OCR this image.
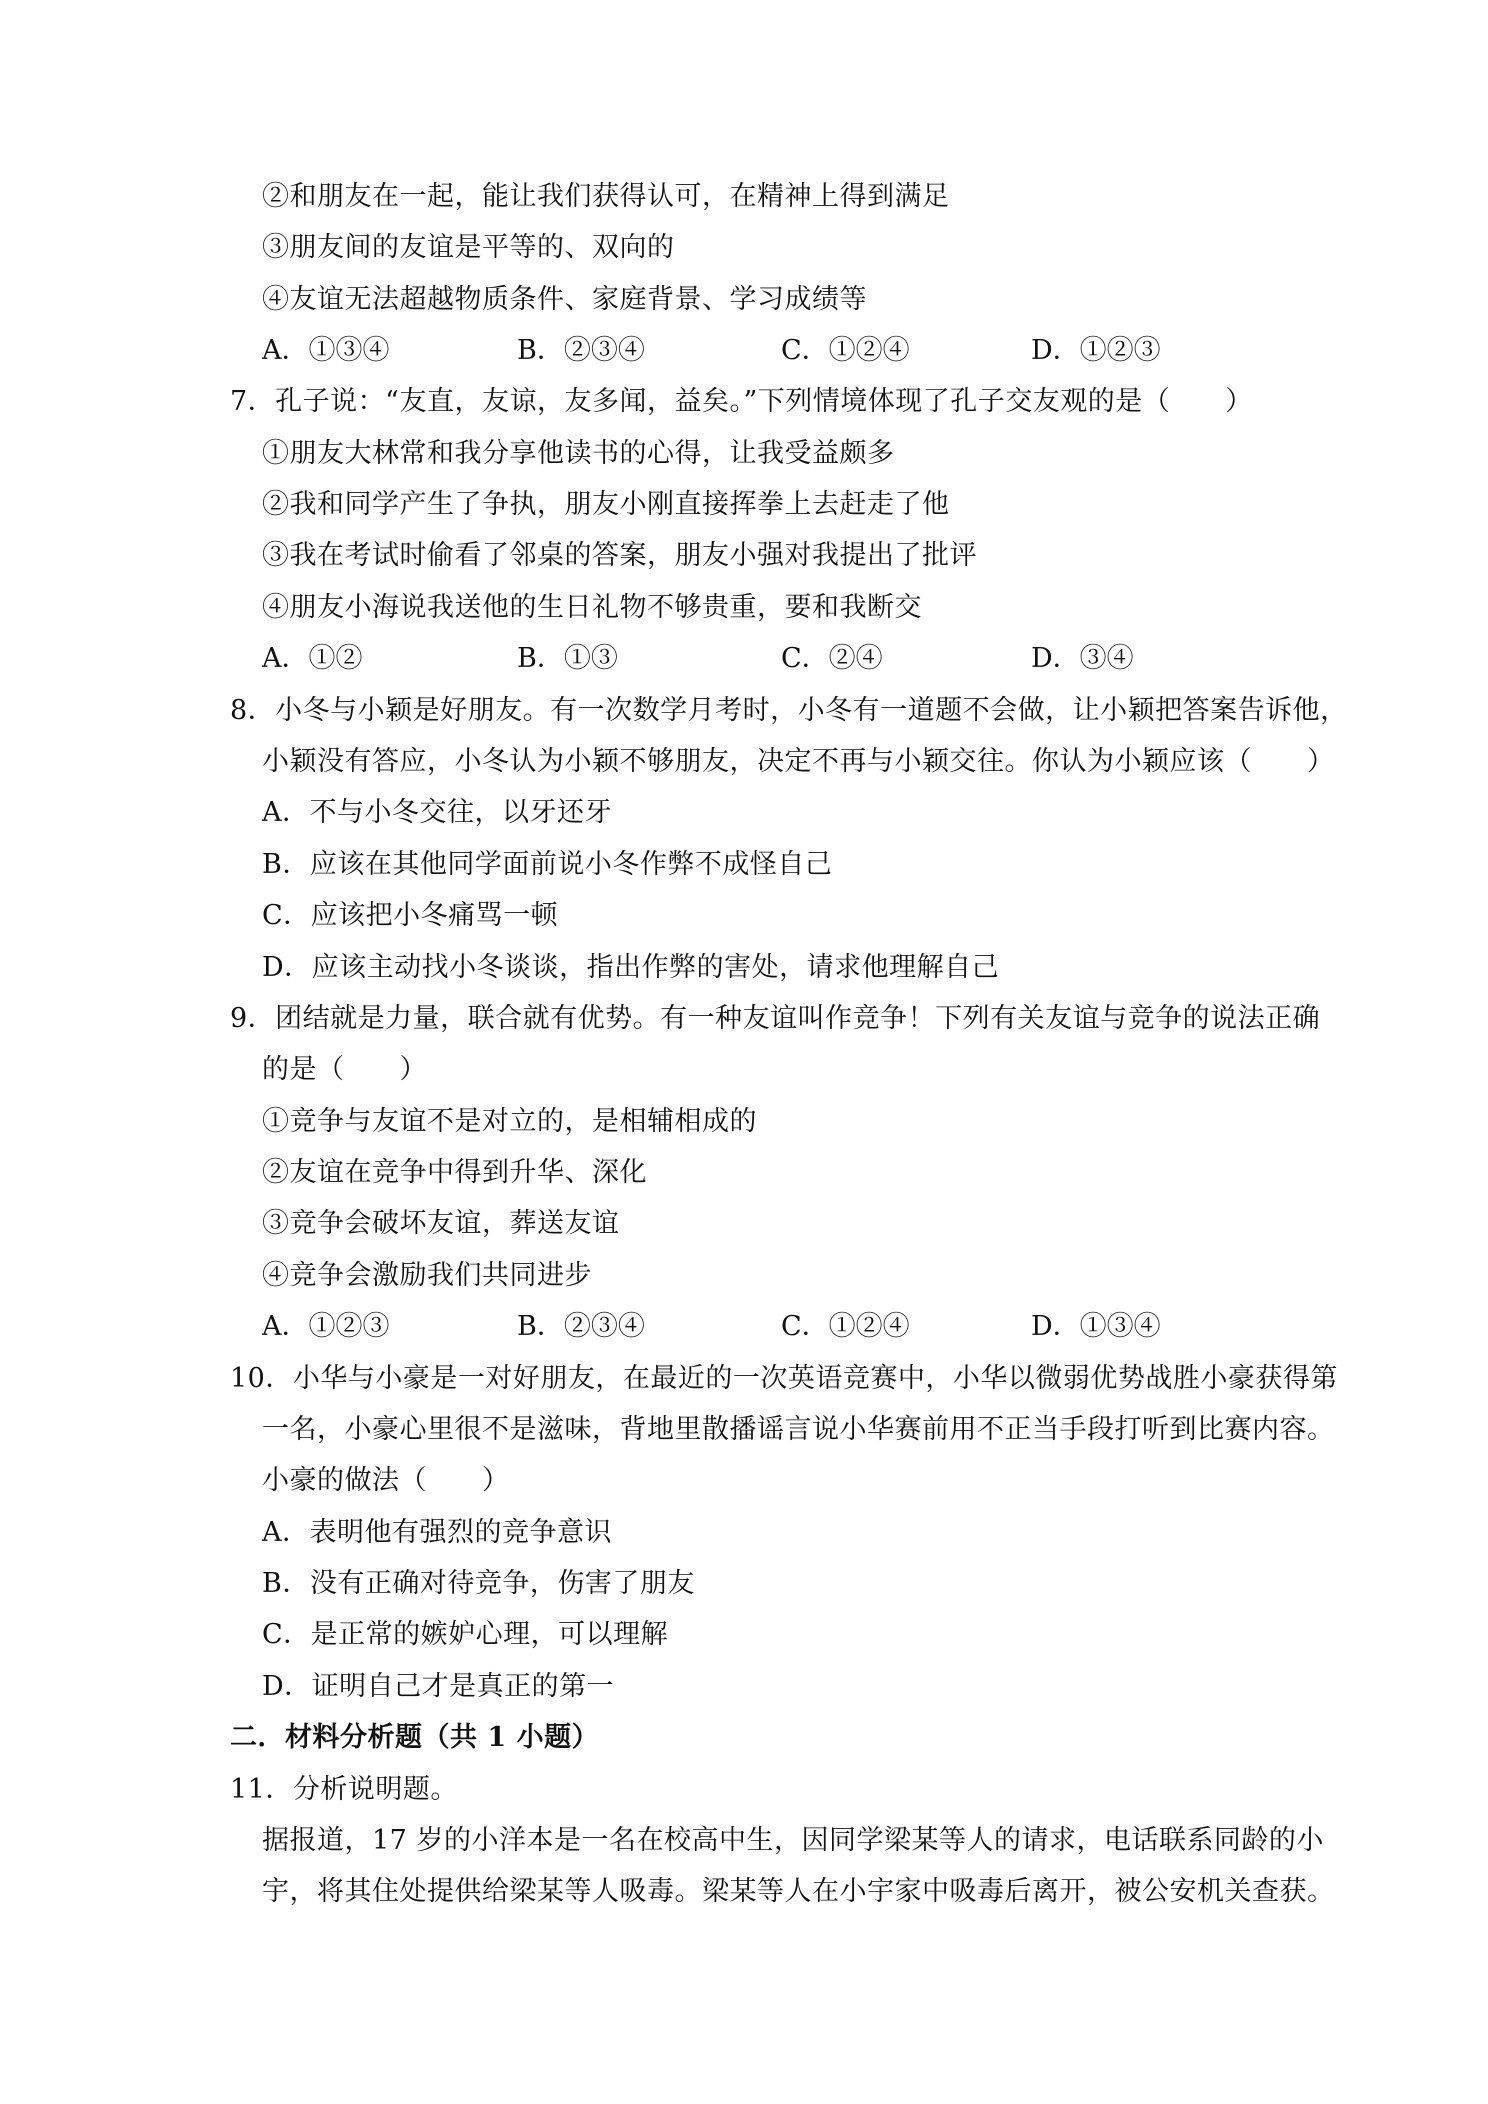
②和朋友在一起，能让我们获得认可，在精神上得到满足
③朋友间的友谊是平等的、双向的
④友谊无法超越物质条件、家庭背景、学习成绩等
A．①③④	B．②③④	C．①②④	D．①②③
7．孔子说：“友直，友谅，友多闻，益矣。”下列情境体现了孔子交友观的是（　　）
①朋友大林常和我分享他读书的心得，让我受益颇多
②我和同学产生了争执，朋友小刚直接挥拳上去赶走了他
③我在考试时偷看了邻桌的答案，朋友小强对我提出了批评
④朋友小海说我送他的生日礼物不够贵重，要和我断交
A．①②	B．①③	C．②④	D．③④
8．小冬与小颖是好朋友。有一次数学月考时，小冬有一道题不会做，让小颖把答案告诉他，
小颖没有答应，小冬认为小颖不够朋友，决定不再与小颖交往。你认为小颖应该（　　）
A．不与小冬交往，以牙还牙
B．应该在其他同学面前说小冬作弊不成怪自己
C．应该把小冬痛骂一顿
D．应该主动找小冬谈谈，指出作弊的害处，请求他理解自己
9．团结就是力量，联合就有优势。有一种友谊叫作竞争！下列有关友谊与竞争的说法正确
的是（　　）
①竞争与友谊不是对立的，是相辅相成的
②友谊在竞争中得到升华、深化
③竞争会破坏友谊，葬送友谊
④竞争会激励我们共同进步
A．①②③	B．②③④	C．①②④	D．①③④
10．小华与小豪是一对好朋友，在最近的一次英语竞赛中，小华以微弱优势战胜小豪获得第
一名，小豪心里很不是滋味，背地里散播谣言说小华赛前用不正当手段打听到比赛内容。
小豪的做法（　　）
A．表明他有强烈的竞争意识
B．没有正确对待竞争，伤害了朋友
C．是正常的嫉妒心理，可以理解
D．证明自己才是真正的第一
二．材料分析题（共 1 小题）
11．分析说明题。
据报道，17 岁的小洋本是一名在校高中生，因同学梁某等人的请求，电话联系同龄的小
宇，将其住处提供给梁某等人吸毒。梁某等人在小宇家中吸毒后离开，被公安机关查获。
